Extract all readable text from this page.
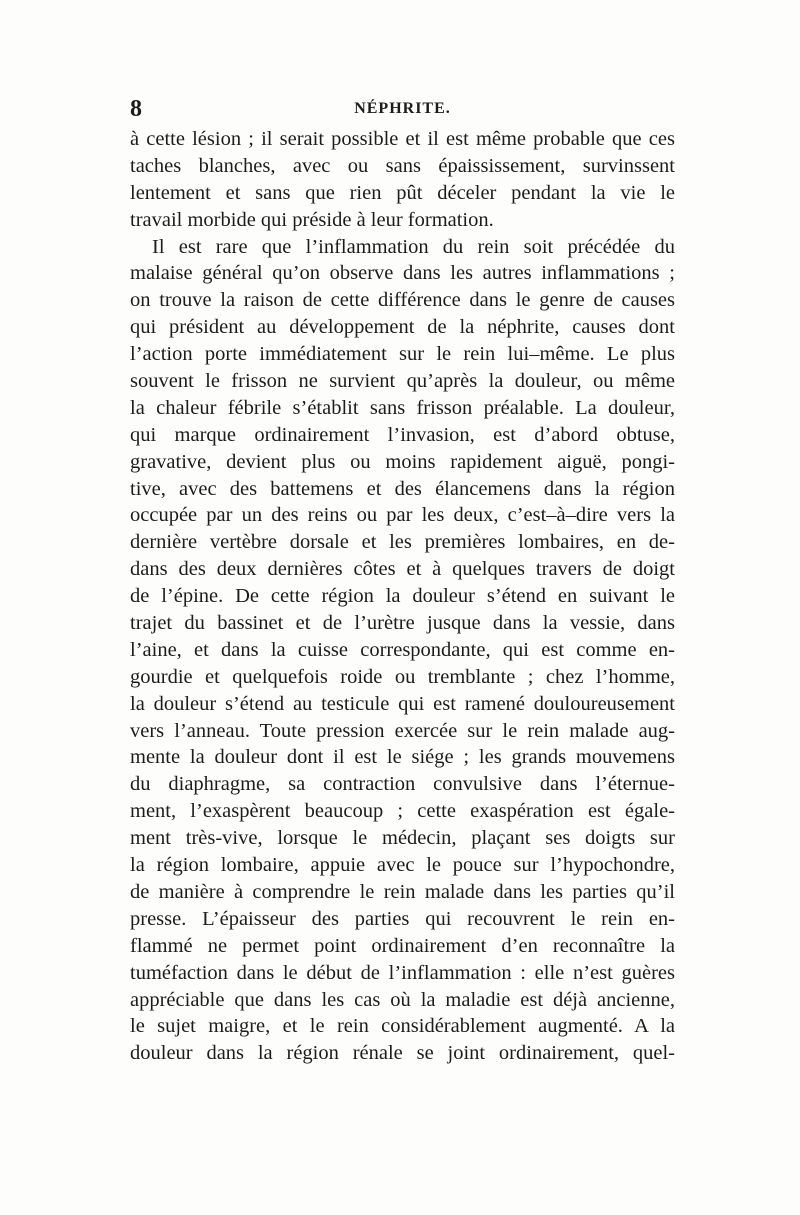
8	NÉPHRITE.
à cette lésion ; il serait possible et il est même probable que ces
taches blanches, avec ou sans épaississement, survinssent
lentement et sans que rien pût déceler pendant la vie le
travail morbide qui préside à leur formation.
Il est rare que l’inflammation du rein soit précédée du
malaise général qu’on observe dans les autres inflammations ;
on trouve la raison de cette différence dans le genre de causes
qui président au développement de la néphrite, causes dont
l’action porte immédiatement sur le rein lui–même. Le plus
souvent le frisson ne survient qu’après la douleur, ou même
la chaleur fébrile s’établit sans frisson préalable. La douleur,
qui marque ordinairement l’invasion, est d’abord obtuse,
gravative, devient plus ou moins rapidement aiguë, pongi-
tive, avec des battemens et des élancemens dans la région
occupée par un des reins ou par les deux, c’est–à–dire vers la
dernière vertèbre dorsale et les premières lombaires, en de-
dans des deux dernières côtes et à quelques travers de doigt
de l’épine. De cette région la douleur s’étend en suivant le
trajet du bassinet et de l’urètre jusque dans la vessie, dans
l’aine, et dans la cuisse correspondante, qui est comme en-
gourdie et quelquefois roide ou tremblante ; chez l’homme,
la douleur s’étend au testicule qui est ramené douloureusement
vers l’anneau. Toute pression exercée sur le rein malade aug-
mente la douleur dont il est le siége ; les grands mouvemens
du diaphragme, sa contraction convulsive dans l’éternue-
ment, l’exaspèrent beaucoup ; cette exaspération est égale-
ment très-vive, lorsque le médecin, plaçant ses doigts sur
la région lombaire, appuie avec le pouce sur l’hypochondre,
de manière à comprendre le rein malade dans les parties qu’il
presse. L’épaisseur des parties qui recouvrent le rein en-
flammé ne permet point ordinairement d’en reconnaître la
tuméfaction dans le début de l’inflammation : elle n’est guères
appréciable que dans les cas où la maladie est déjà ancienne,
le sujet maigre, et le rein considérablement augmenté. A la
douleur dans la région rénale se joint ordinairement, quel-
